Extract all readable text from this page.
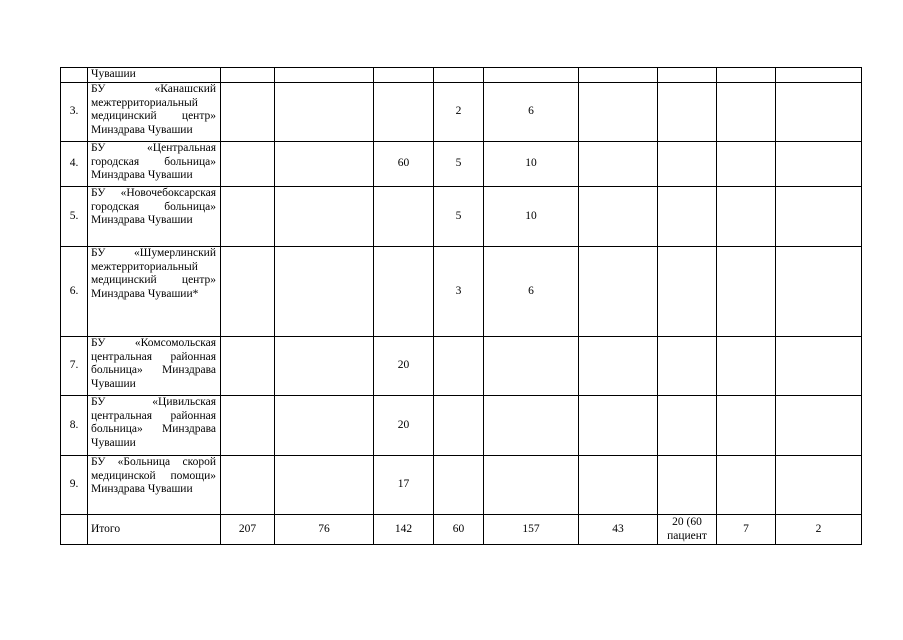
	Чувашии									
3.	БУ «Канашский межтерриториальный медицинский центр» Минздрава Чувашии				2	6				
4.	БУ «Центральная городская больница» Минздрава Чувашии			60	5	10				
5.	БУ «Новочебоксарская городская больница» Минздрава Чувашии				5	10				
6.	БУ «Шумерлинский межтерриториальный медицинский центр» Минздрава Чувашии*				3	6				
7.	БУ «Комсомольская центральная районная больница» Минздрава Чувашии			20						
8.	БУ «Цивильская центральная районная больница» Минздрава Чувашии			20						
9.	БУ «Больница скорой медицинской помощи» Минздрава Чувашии			17						
	Итого	207	76	142	60	157	43	20 (60 пациент	7	2
